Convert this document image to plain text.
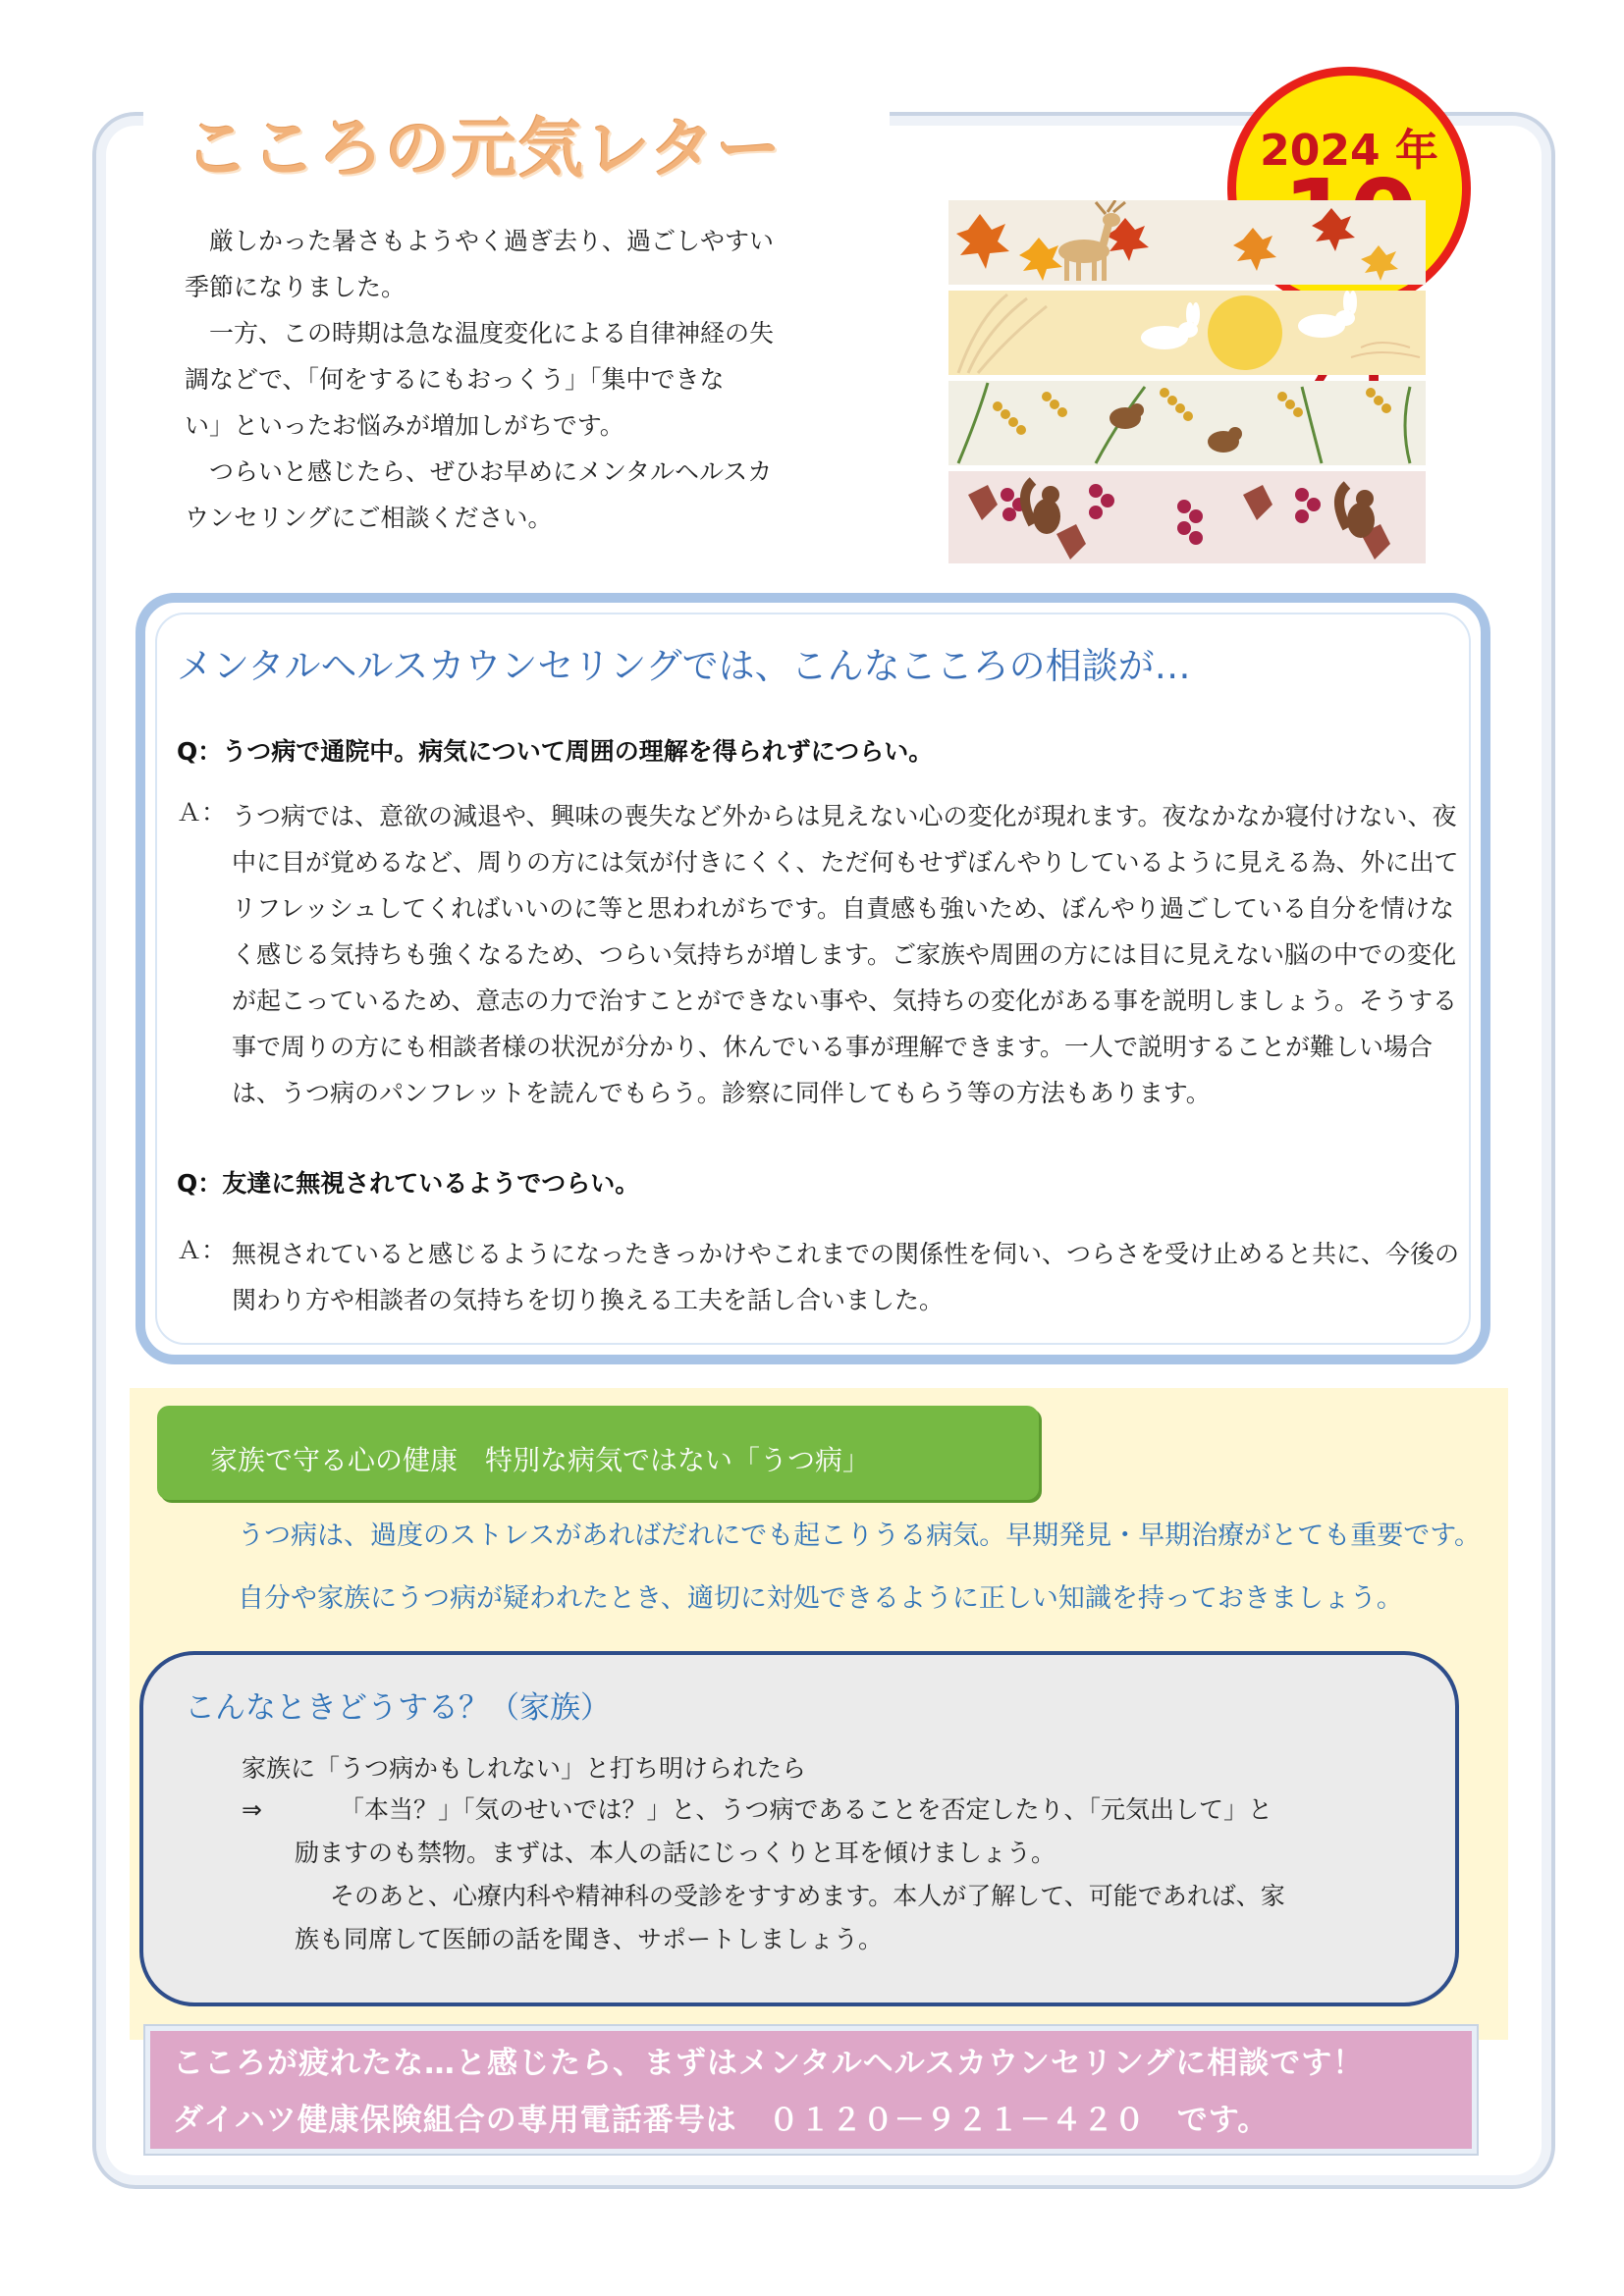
こころの元気レター	2024 年
　厳しかった暑さもようやく過ぎ去り、過ごしやすい
季節になりました。
　一方、この時期は急な温度変化による自律神経の失
調などで、「何をするにもおっくう」「集中できな
い」といったお悩みが増加しがちです。
　つらいと感じたら、ぜひお早めにメンタルヘルスカ
ウンセリングにご相談ください。
メンタルヘルスカウンセリングでは、こんなこころの相談が…
Q：うつ病で通院中。病気について周囲の理解を得られずにつらい。
Ａ： うつ病では、意欲の減退や、興味の喪失など外からは見えない心の変化が現れます。夜なかなか寝付けない、夜中に目が覚めるなど、周りの方には気が付きにくく、ただ何もせずぼんやりしているように見える為、外に出てリフレッシュしてくればいいのに等と思われがちです。自責感も強いため、ぼんやり過ごしている自分を情けなく感じる気持ちも強くなるため、つらい気持ちが増します。ご家族や周囲の方には目に見えない脳の中での変化が起こっているため、意志の力で治すことができない事や、気持ちの変化がある事を説明しましょう。そうする事で周りの方にも相談者様の状況が分かり、休んでいる事が理解できます。一人で説明することが難しい場合は、うつ病のパンフレットを読んでもらう。診察に同伴してもらう等の方法もあります。
Q：友達に無視されているようでつらい。
Ａ： 無視されていると感じるようになったきっかけやこれまでの関係性を伺い、つらさを受け止めると共に、今後の関わり方や相談者の気持ちを切り換える工夫を話し合いました。
家族で守る心の健康　特別な病気ではない「うつ病」
うつ病は、過度のストレスがあればだれにでも起こりうる病気。早期発見・早期治療がとても重要です。
自分や家族にうつ病が疑われたとき、適切に対処できるように正しい知識を持っておきましょう。
こんなときどうする？（家族）
家族に「うつ病かもしれない」と打ち明けられたら
⇒	「本当？」「気のせいでは？」と、うつ病であることを否定したり、「元気出して」と
励ますのも禁物。まずは、本人の話にじっくりと耳を傾けましょう。
そのあと、心療内科や精神科の受診をすすめます。本人が了解して、可能であれば、家
族も同席して医師の話を聞き、サポートしましょう。
こころが疲れたな…と感じたら、まずはメンタルヘルスカウンセリングに相談です！
ダイハツ健康保険組合の専用電話番号は　０１２０－９２１－４２０　です。
